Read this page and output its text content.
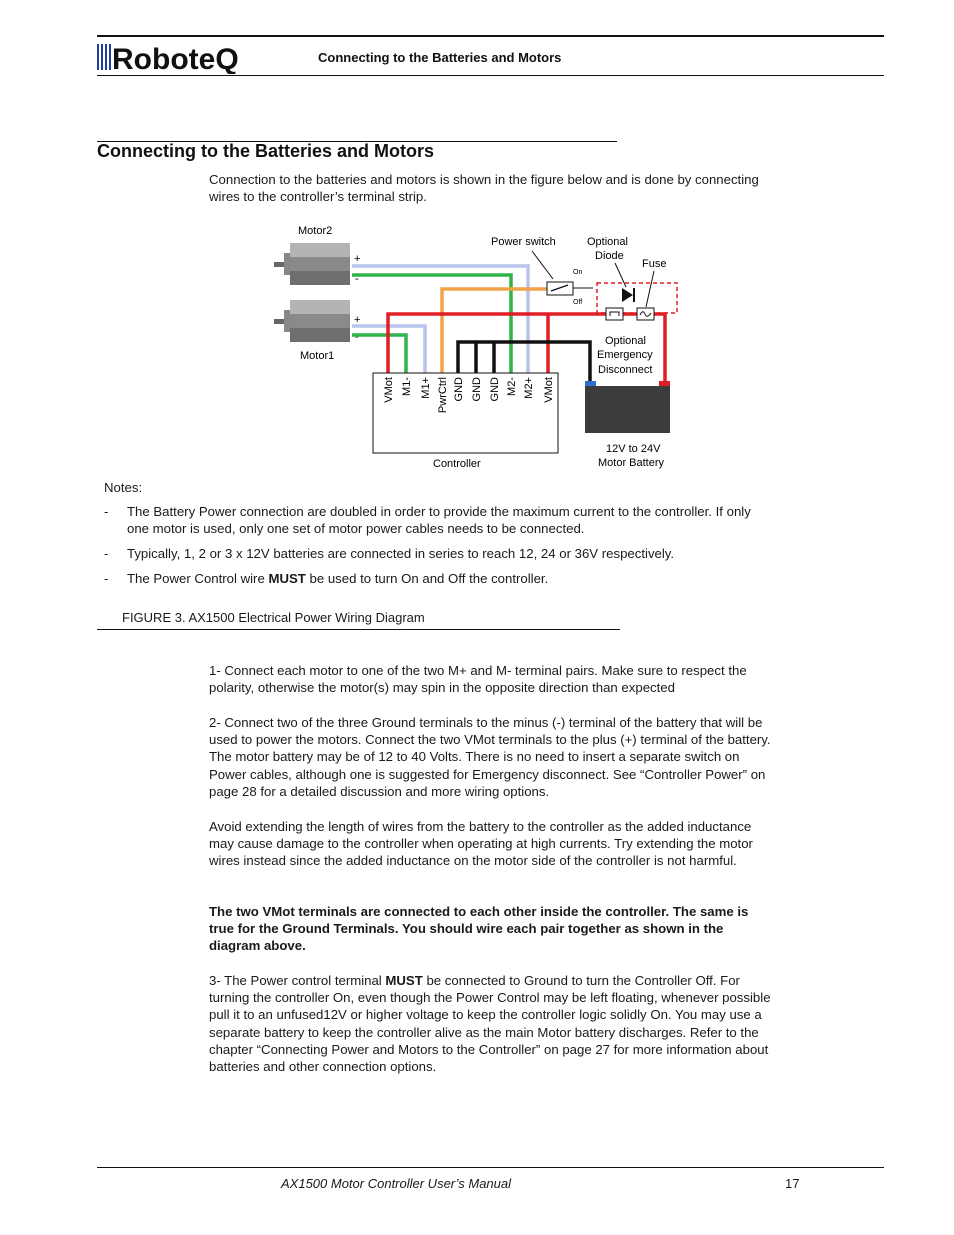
RoboteQ	Connecting to the Batteries and Motors
Connecting to the Batteries and Motors
Connection to the batteries and motors is shown in the figure below and is done by connecting wires to the controller’s terminal strip.
Motor2
+
-
+
-
Motor1
Power switch
On
Off
Optional
Diode
Fuse
Optional
Emergency
Disconnect
12V to 24V
Motor Battery
VMot M1- M1+ PwrCtrl GND GND GND M2- M2+ VMot
Controller
Notes:
- The Battery Power connection are doubled in order to provide the maximum current to the controller. If only one motor is used, only one set of motor power cables needs to be connected.
- Typically, 1, 2 or 3 x 12V batteries are connected in series to reach 12, 24 or 36V respectively.
- The Power Control wire MUST be used to turn On and Off the controller.
FIGURE 3. AX1500 Electrical Power Wiring Diagram
1- Connect each motor to one of the two M+ and M- terminal pairs. Make sure to respect the polarity, otherwise the motor(s) may spin in the opposite direction than expected
2- Connect two of the three Ground terminals to the minus (-) terminal of the battery that will be used to power the motors. Connect the two VMot terminals to the plus (+) terminal of the battery. The motor battery may be of 12 to 40 Volts. There is no need to insert a separate switch on Power cables, although one is suggested for Emergency disconnect. See “Controller Power” on page 28 for a detailed discussion and more wiring options.
Avoid extending the length of wires from the battery to the controller as the added inductance may cause damage to the controller when operating at high currents. Try extending the motor wires instead since the added inductance on the motor side of the controller is not harmful.
The two VMot terminals are connected to each other inside the controller. The same is true for the Ground Terminals. You should wire each pair together as shown in the diagram above.
3- The Power control terminal MUST be connected to Ground to turn the Controller Off. For turning the controller On, even though the Power Control may be left floating, whenever possible pull it to an unfused12V or higher voltage to keep the controller logic solidly On. You may use a separate battery to keep the controller alive as the main Motor battery discharges. Refer to the chapter “Connecting Power and Motors to the Controller” on page 27 for more information about batteries and other connection options.
AX1500 Motor Controller User’s Manual	17
